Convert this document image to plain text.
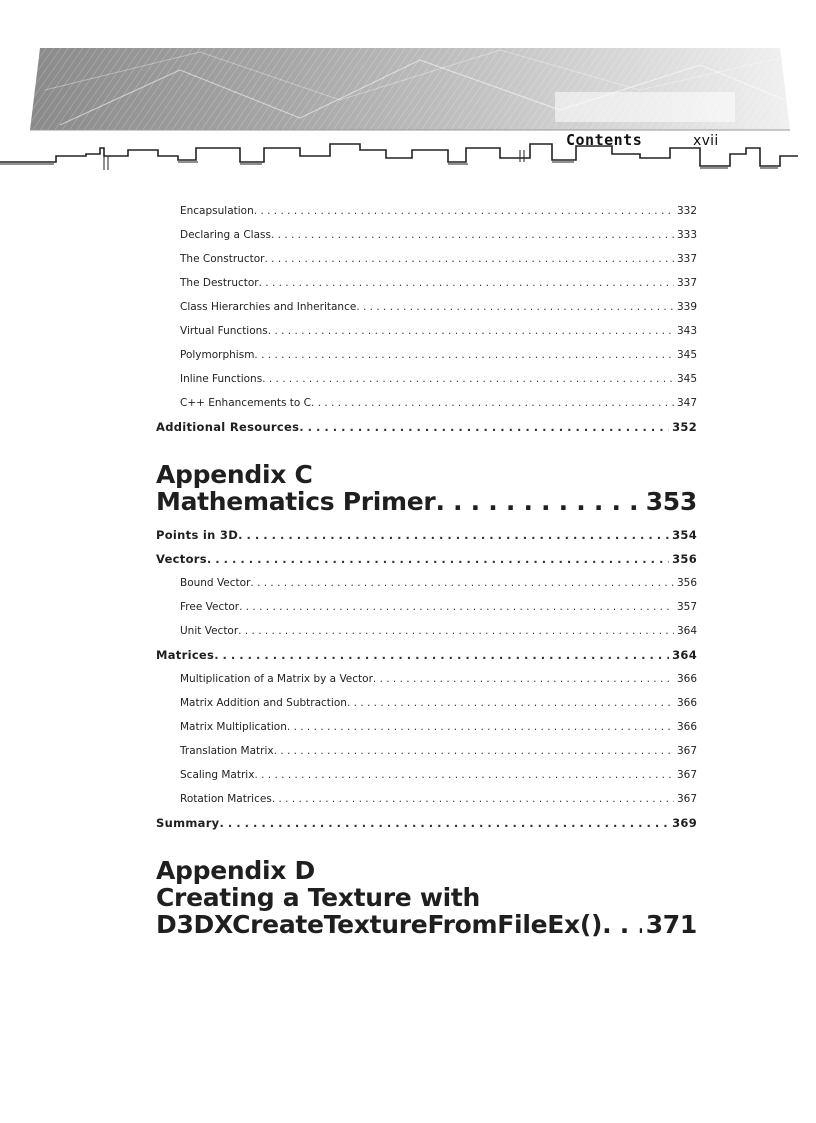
Contents	xvii
Encapsulation . . .	332
Declaring a Class . . .	333
The Constructor . . .	337
The Destructor . . .	337
Class Hierarchies and Inheritance . . .	339
Virtual Functions . . .	343
Polymorphism . . .	345
Inline Functions . . .	345
C++ Enhancements to C . . .	347
Additional Resources . . .	352
Appendix C
Mathematics Primer . . .	353
Points in 3D . . .	354
Vectors . . .	356
Bound Vector . . .	356
Free Vector . . .	357
Unit Vector . . .	364
Matrices . . .	364
Multiplication of a Matrix by a Vector . . .	366
Matrix Addition and Subtraction . . .	366
Matrix Multiplication . . .	366
Translation Matrix . . .	367
Scaling Matrix . . .	367
Rotation Matrices . . .	367
Summary . . .	369
Appendix D
Creating a Texture with
D3DXCreateTextureFromFileEx() . . . 371
